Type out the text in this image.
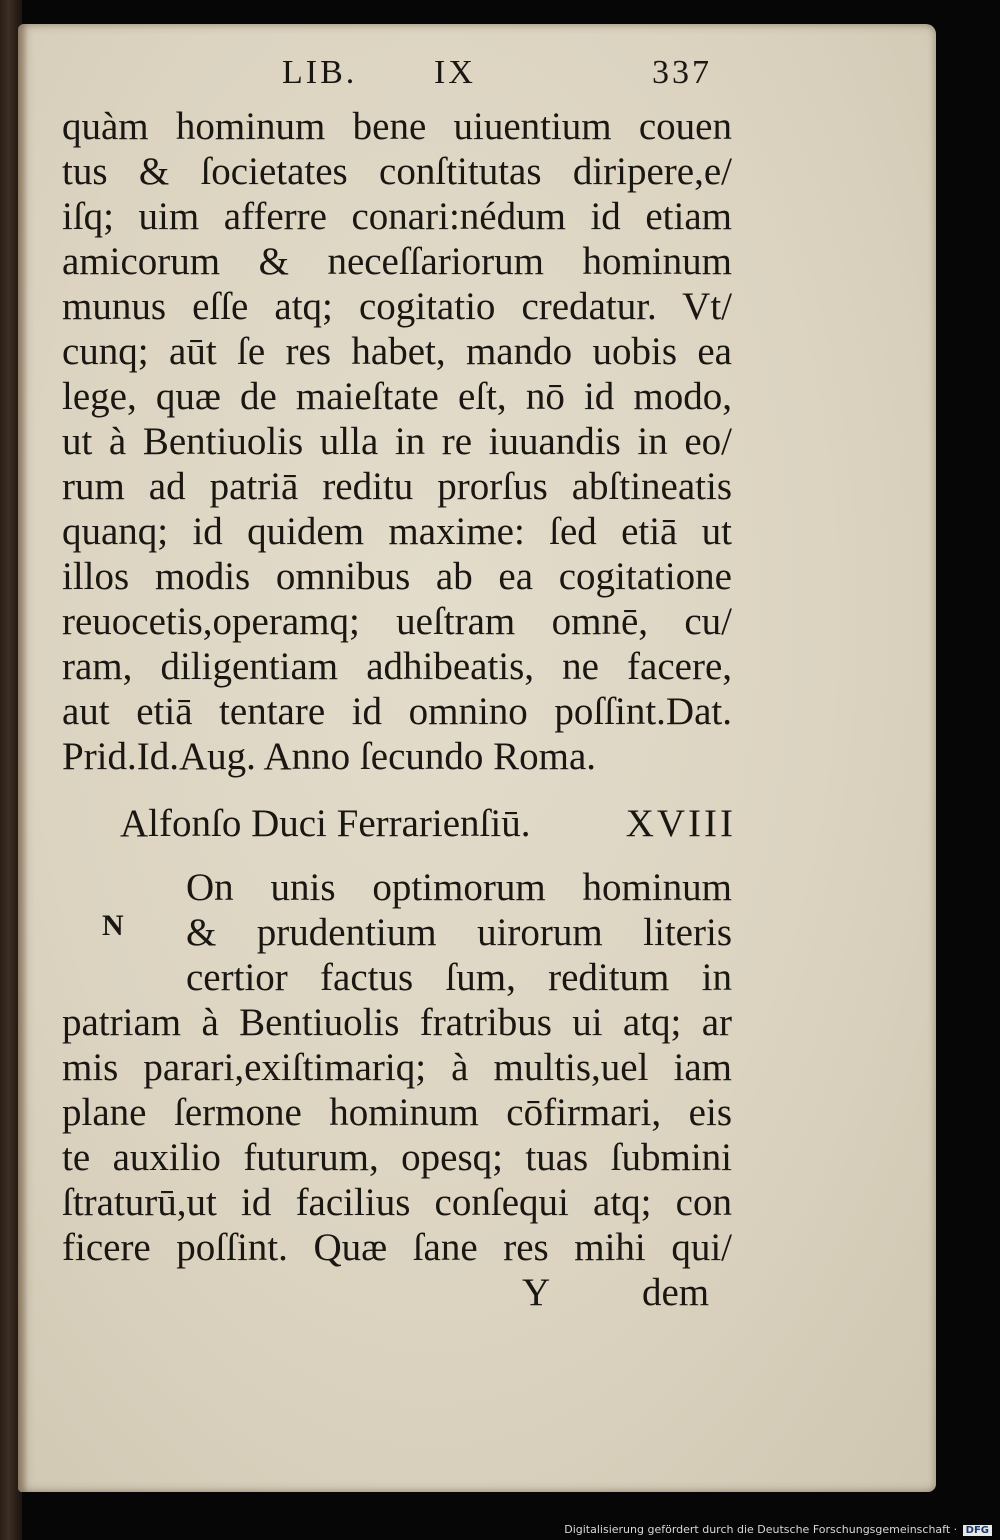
LIB. IX	337
quàm hominum bene uiuentium couen
tus & ſocietates conſtitutas diripere,e/
iſq; uim afferre conari:nédum id etiam
amicorum & neceſſariorum hominum
munus eſſe atq; cogitatio credatur. Vt/
cunq; aūt ſe res habet, mando uobis ea
lege, quæ de maieſtate eſt, nō id modo,
ut à Bentiuolis ulla in re iuuandis in eo/
rum ad patriā reditu prorſus abſtineatis
quanq; id quidem maxime: ſed etiā ut
illos modis omnibus ab ea cogitatione
reuocetis,operamq; ueſtram omnē, cu/
ram, diligentiam adhibeatis, ne facere,
aut etiā tentare id omnino poſſint.Dat.
Prid.Id.Aug. Anno ſecundo Roma.
Alfonſo Duci Ferrarienſiū. XVIII
N
On unis optimorum hominum
& prudentium uirorum literis
certior factus ſum, reditum in
patriam à Bentiuolis fratribus ui atq; ar
mis parari,exiſtimariq; à multis,uel iam
plane ſermone hominum cōfirmari, eis
te auxilio futurum, opesq; tuas ſubmini
ſtraturū,ut id facilius conſequi atq; con
ficere poſſint. Quæ ſane res mihi qui/
Y dem
Digitalisierung gefördert durch die Deutsche Forschungsgemeinschaft · DFG
